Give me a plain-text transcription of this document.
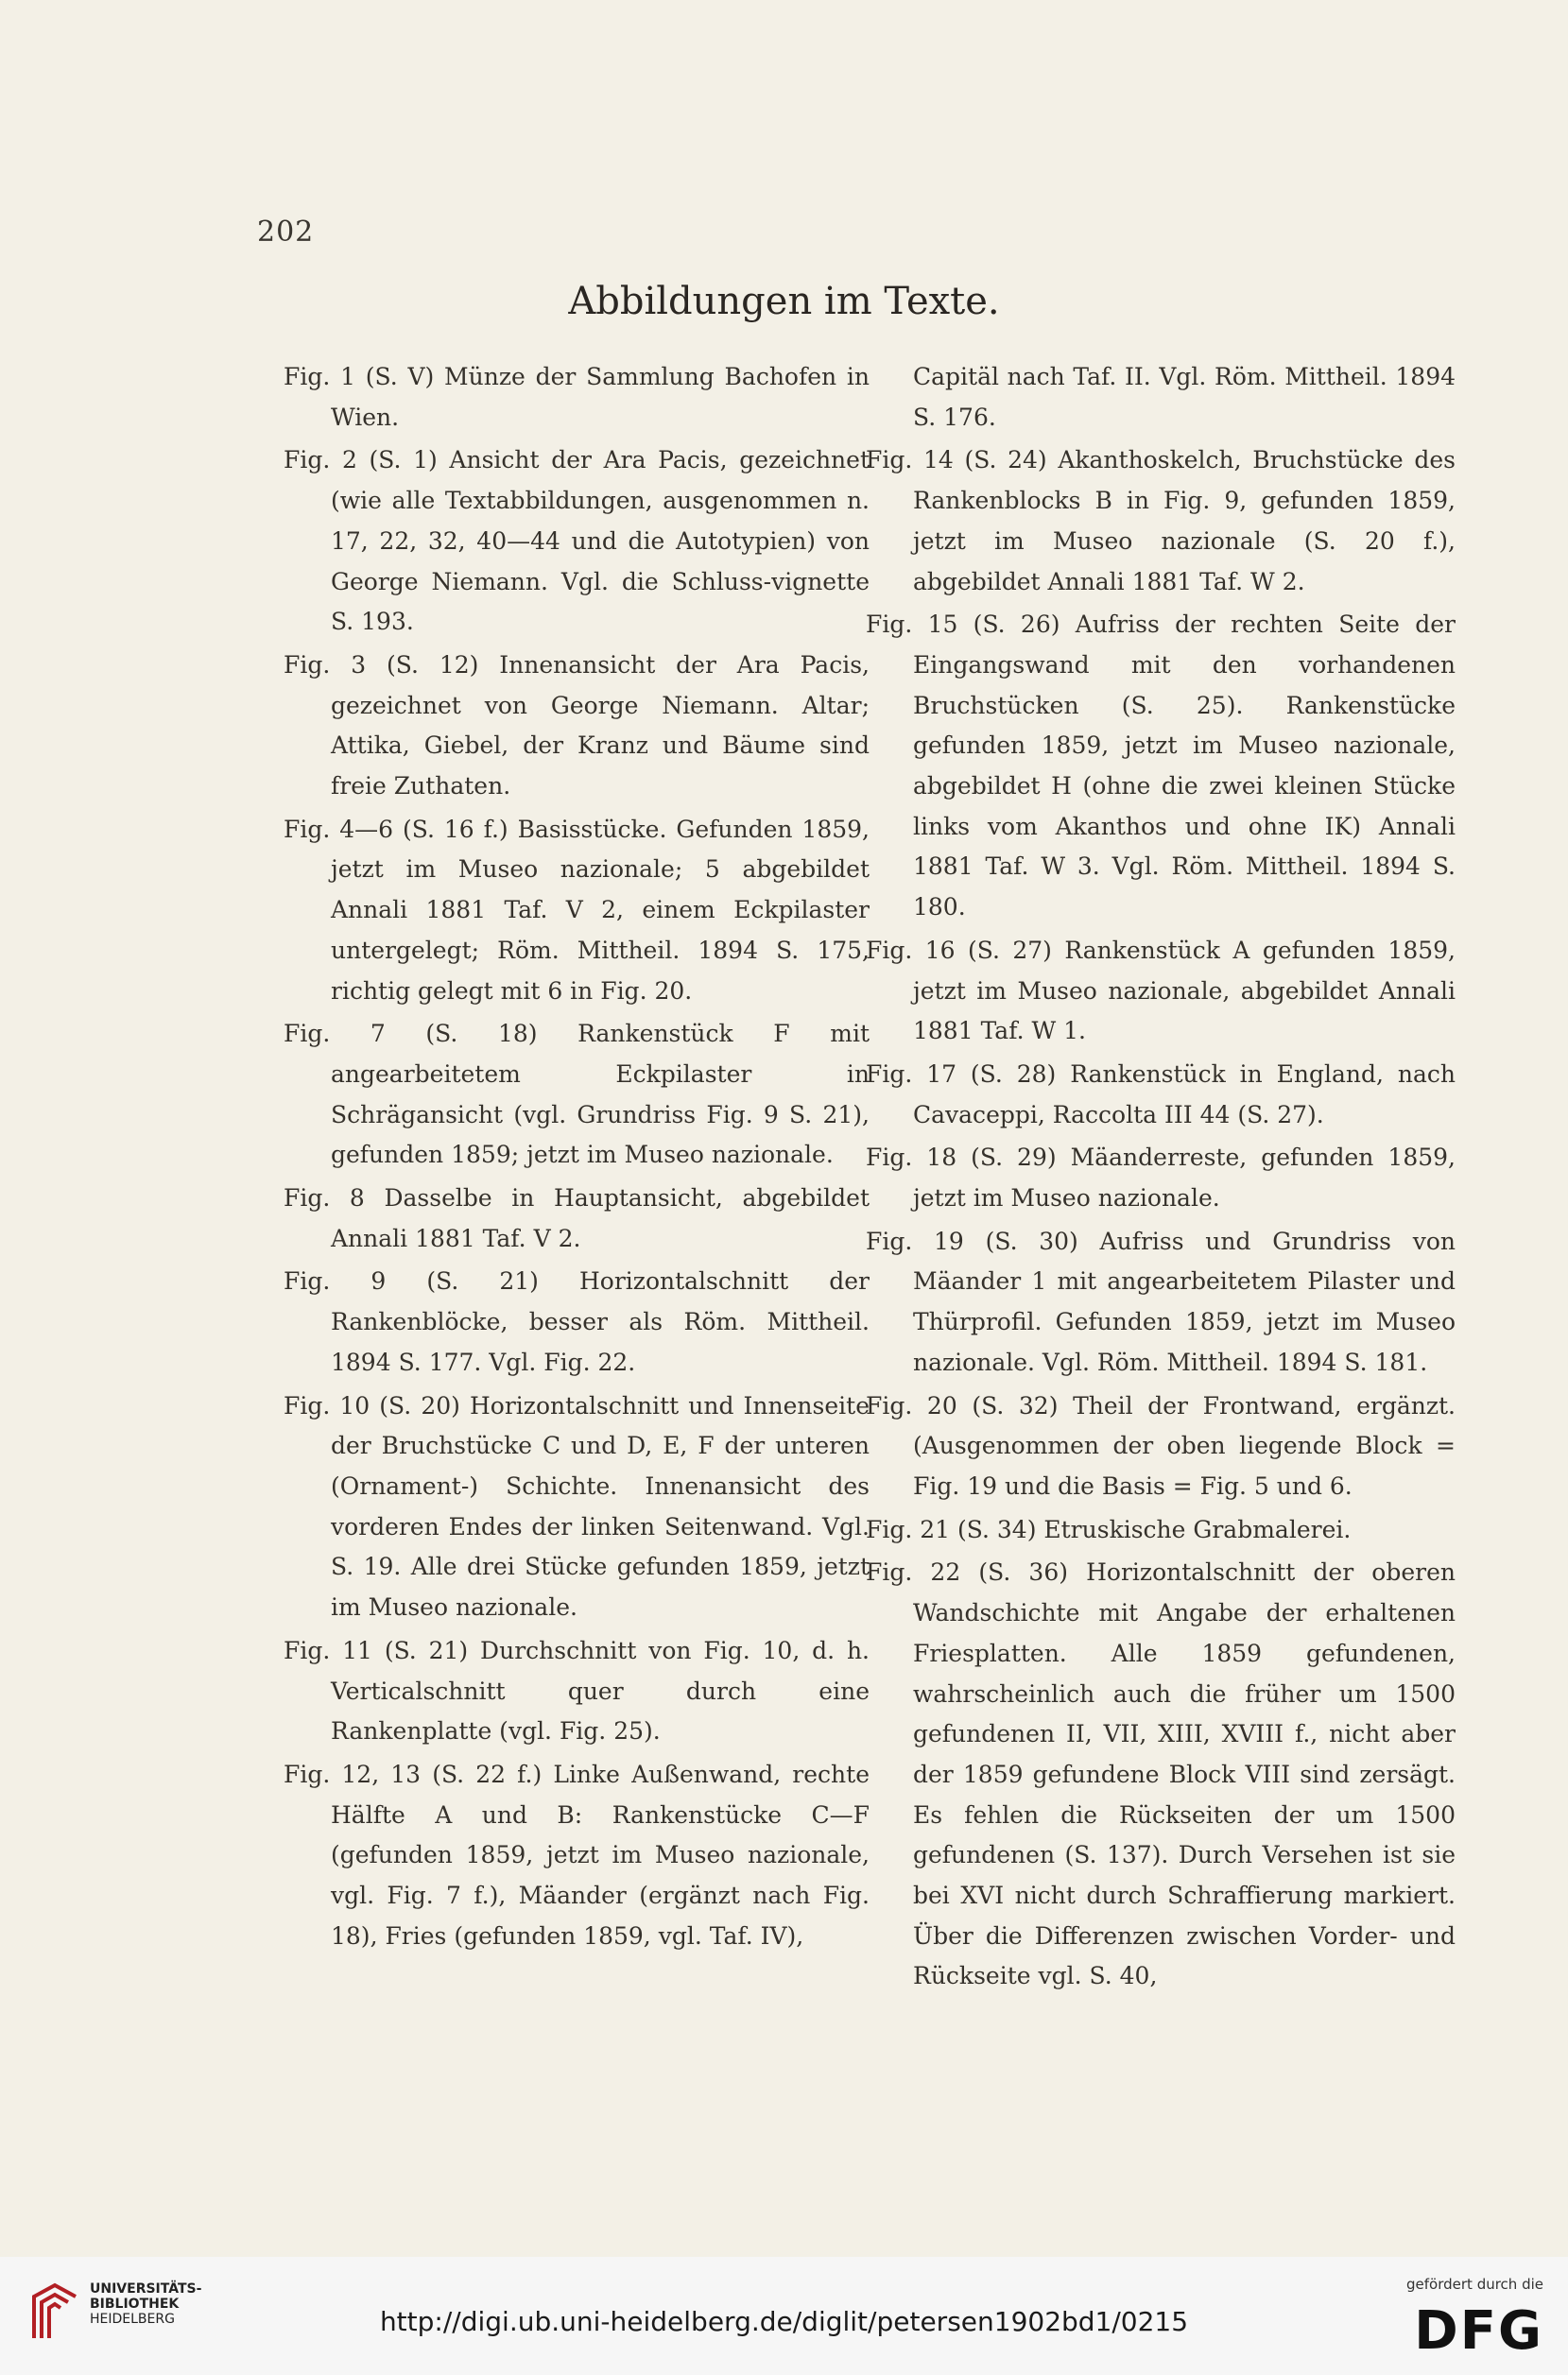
202
Abbildungen im Texte.

Fig. 1 (S. V) Münze der Sammlung Bachofen in Wien.

Fig. 2 (S. 1) Ansicht der Ara Pacis, gezeichnet (wie alle Textabbildungen, ausgenommen n. 17, 22, 32, 40—44 und die Autotypien) von George Niemann. Vgl. die Schluss-vignette S. 193.

Fig. 3 (S. 12) Innenansicht der Ara Pacis, gezeichnet von George Niemann. Altar; Attika, Giebel, der Kranz und Bäume sind freie Zuthaten.

Fig. 4—6 (S. 16 f.) Basisstücke. Gefunden 1859, jetzt im Museo nazionale; 5 abgebildet Annali 1881 Taf. V 2, einem Eckpilaster untergelegt; Röm. Mittheil. 1894 S. 175, richtig gelegt mit 6 in Fig. 20.

Fig. 7 (S. 18) Rankenstück F mit angearbeitetem Eckpilaster in Schrägansicht (vgl. Grundriss Fig. 9 S. 21), gefunden 1859; jetzt im Museo nazionale.

Fig. 8 Dasselbe in Hauptansicht, abgebildet Annali 1881 Taf. V 2.

Fig. 9 (S. 21) Horizontalschnitt der Rankenblöcke, besser als Röm. Mittheil. 1894 S. 177. Vgl. Fig. 22.

Fig. 10 (S. 20) Horizontalschnitt und Innenseite der Bruchstücke C und D, E, F der unteren (Ornament-) Schichte. Innenansicht des vorderen Endes der linken Seitenwand. Vgl. S. 19. Alle drei Stücke gefunden 1859, jetzt im Museo nazionale.

Fig. 11 (S. 21) Durchschnitt von Fig. 10, d. h. Verticalschnitt quer durch eine Rankenplatte (vgl. Fig. 25).

Fig. 12, 13 (S. 22 f.) Linke Außenwand, rechte Hälfte A und B: Rankenstücke C—F (gefunden 1859, jetzt im Museo nazionale, vgl. Fig. 7 f.), Mäander (ergänzt nach Fig. 18), Fries (gefunden 1859, vgl. Taf. IV),

Capitäl nach Taf. II. Vgl. Röm. Mittheil. 1894 S. 176.

Fig. 14 (S. 24) Akanthoskelch, Bruchstücke des Rankenblocks B in Fig. 9, gefunden 1859, jetzt im Museo nazionale (S. 20 f.), abgebildet Annali 1881 Taf. W 2.

Fig. 15 (S. 26) Aufriss der rechten Seite der Eingangswand mit den vorhandenen Bruchstücken (S. 25). Rankenstücke gefunden 1859, jetzt im Museo nazionale, abgebildet H (ohne die zwei kleinen Stücke links vom Akanthos und ohne IK) Annali 1881 Taf. W 3. Vgl. Röm. Mittheil. 1894 S. 180.

Fig. 16 (S. 27) Rankenstück A gefunden 1859, jetzt im Museo nazionale, abgebildet Annali 1881 Taf. W 1.

Fig. 17 (S. 28) Rankenstück in England, nach Cavaceppi, Raccolta III 44 (S. 27).

Fig. 18 (S. 29) Mäanderreste, gefunden 1859, jetzt im Museo nazionale.

Fig. 19 (S. 30) Aufriss und Grundriss von Mäander 1 mit angearbeitetem Pilaster und Thürprofil. Gefunden 1859, jetzt im Museo nazionale. Vgl. Röm. Mittheil. 1894 S. 181.

Fig. 20 (S. 32) Theil der Frontwand, ergänzt. (Ausgenommen der oben liegende Block = Fig. 19 und die Basis = Fig. 5 und 6.

Fig. 21 (S. 34) Etruskische Grabmalerei.

Fig. 22 (S. 36) Horizontalschnitt der oberen Wandschichte mit Angabe der erhaltenen Friesplatten. Alle 1859 gefundenen, wahrscheinlich auch die früher um 1500 gefundenen II, VII, XIII, XVIII f., nicht aber der 1859 gefundene Block VIII sind zersägt. Es fehlen die Rückseiten der um 1500 gefundenen (S. 137). Durch Versehen ist sie bei XVI nicht durch Schraffierung markiert. Über die Differenzen zwischen Vorder- und Rückseite vgl. S. 40,

UNIVERSITÄTS-
BIBLIOTHEK
HEIDELBERG	http://digi.ub.uni-heidelberg.de/diglit/petersen1902bd1/0215
gefördert durch die
DFG
